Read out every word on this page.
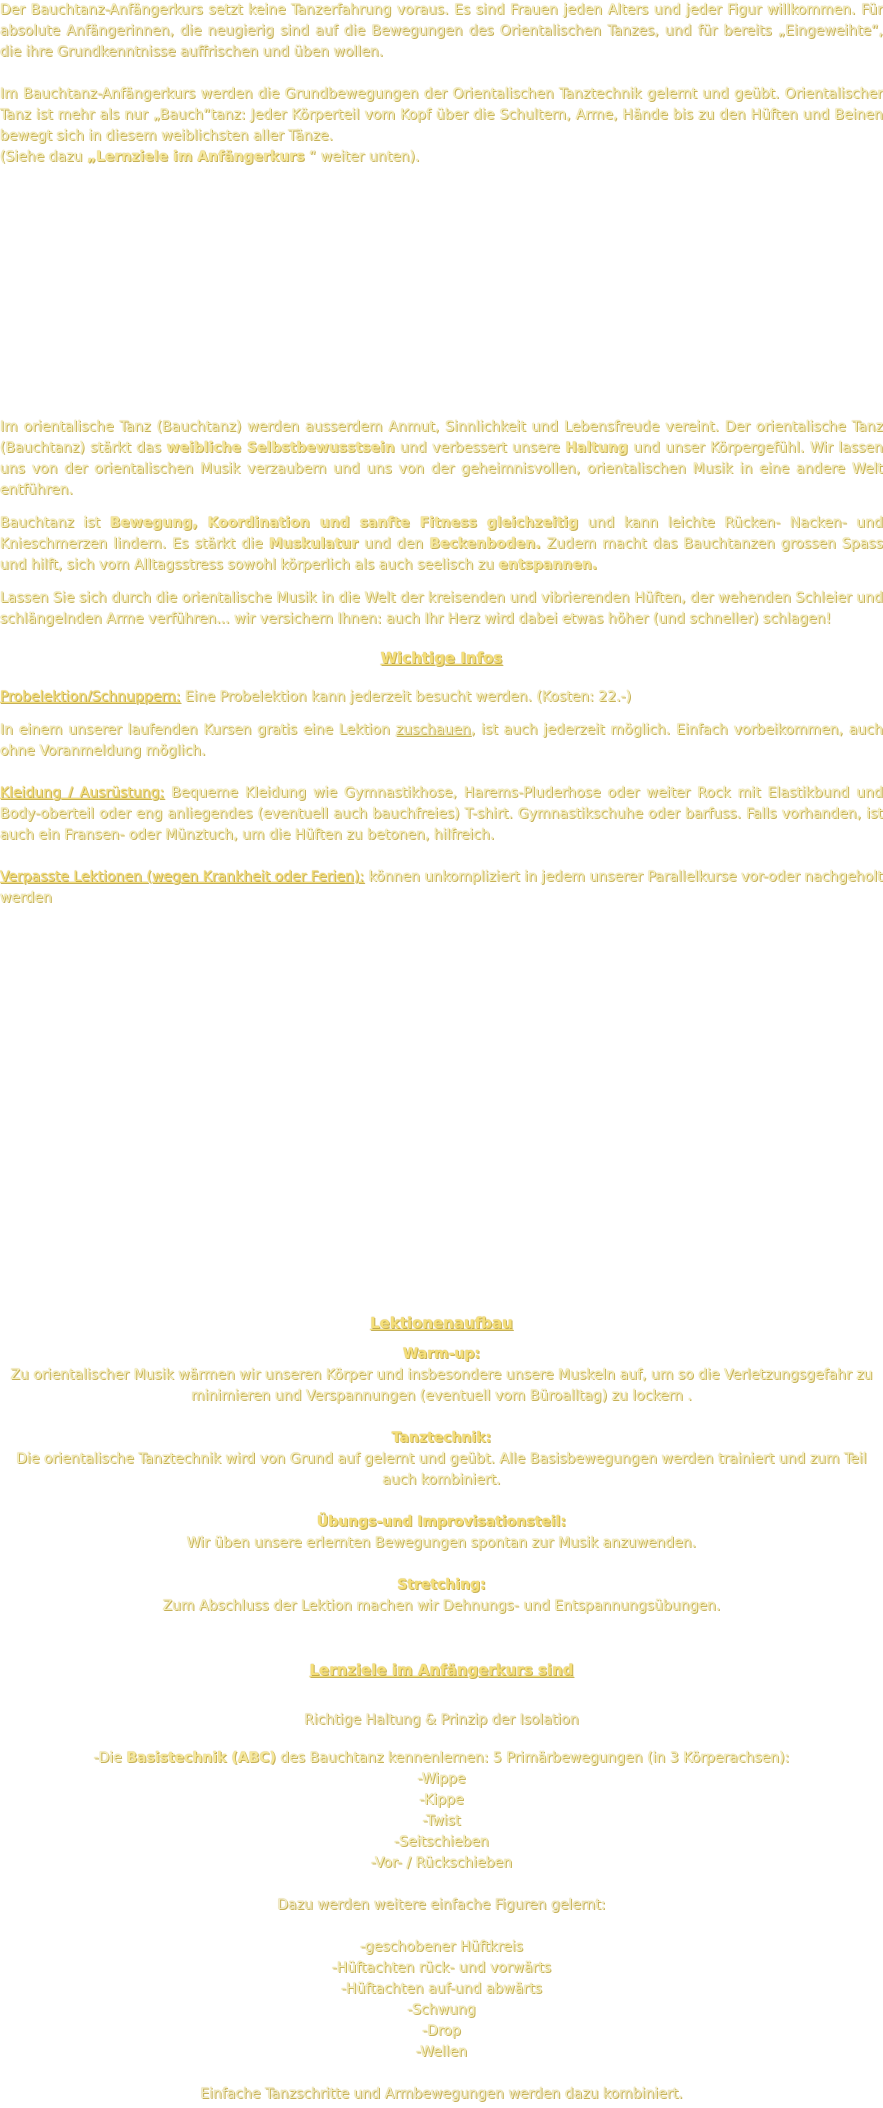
Der Bauchtanz-Anfängerkurs setzt keine Tanzerfahrung voraus. Es sind Frauen jeden Alters und jeder Figur willkommen. Für absolute Anfängerinnen, die neugierig sind auf die Bewegungen des Orientalischen Tanzes, und für bereits „Eingeweihte“, die ihre Grundkenntnisse auffrischen und üben wollen.

Im Bauchtanz-Anfängerkurs werden die Grundbewegungen der Orientalischen Tanztechnik gelernt und geübt. Orientalischer Tanz ist mehr als nur „Bauch“tanz: Jeder Körperteil vom Kopf über die Schultern, Arme, Hände bis zu den Hüften und Beinen bewegt sich in diesem weiblichsten aller Tänze.

(Siehe dazu „Lernziele im Anfängerkurs “ weiter unten).

Im orientalische Tanz (Bauchtanz) werden ausserdem Anmut, Sinnlichkeit und Lebensfreude vereint. Der orientalische Tanz (Bauchtanz) stärkt das weibliche Selbstbewusstsein und verbessert unsere Haltung und unser Körpergefühl. Wir lassen uns von der orientalischen Musik verzaubern und uns von der geheimnisvollen, orientalischen Musik in eine andere Welt entführen.

Bauchtanz ist Bewegung, Koordination und sanfte Fitness gleichzeitig und kann leichte Rücken- Nacken- und Knieschmerzen lindern. Es stärkt die Muskulatur und den Beckenboden. Zudem macht das Bauchtanzen grossen Spass und hilft, sich vom Alltagsstress sowohl körperlich als auch seelisch zu entspannen.

Lassen Sie sich durch die orientalische Musik in die Welt der kreisenden und vibrierenden Hüften, der wehenden Schleier und schlängelnden Arme verführen... wir versichern Ihnen: auch Ihr Herz wird dabei etwas höher (und schneller) schlagen!

Wichtige Infos

Probelektion/Schnuppern: Eine Probelektion kann jederzeit besucht werden. (Kosten: 22.-)

In einem unserer laufenden Kursen gratis eine Lektion zuschauen, ist auch jederzeit möglich. Einfach vorbeikommen, auch ohne Voranmeldung möglich.

Kleidung / Ausrüstung: Bequeme Kleidung wie Gymnastikhose, Harems-Pluderhose oder weiter Rock mit Elastikbund und Body-oberteil oder eng anliegendes (eventuell auch bauchfreies) T-shirt. Gymnastikschuhe oder barfuss. Falls vorhanden, ist auch ein Fransen- oder Münztuch, um die Hüften zu betonen, hilfreich.

Verpasste Lektionen (wegen Krankheit oder Ferien): können unkompliziert in jedem unserer Parallelkurse vor-oder nachgeholt werden

Lektionenaufbau

Warm-up:

Zu orientalischer Musik wärmen wir unseren Körper und insbesondere unsere Muskeln auf, um so die Verletzungsgefahr zu minimieren und Verspannungen (eventuell vom Büroalltag) zu lockern .

Tanztechnik:

Die orientalische Tanztechnik wird von Grund auf gelernt und geübt. Alle Basisbewegungen werden trainiert und zum Teil auch kombiniert.

Übungs-und Improvisationsteil:

Wir üben unsere erlernten Bewegungen spontan zur Musik anzuwenden.

Stretching:

Zum Abschluss der Lektion machen wir Dehnungs- und Entspannungsübungen.

Lernziele im Anfängerkurs sind

Richtige Haltung & Prinzip der Isolation

-Die Basistechnik (ABC) des Bauchtanz kennenlernen: 5 Primärbewegungen (in 3 Körperachsen):

-Wippe

-Kippe

-Twist

-Seitschieben

-Vor- / Rückschieben

Dazu werden weitere einfache Figuren gelernt:

-geschobener Hüftkreis

-Hüftachten rück- und vorwärts

-Hüftachten auf-und abwärts

-Schwung

-Drop

-Wellen

Einfache Tanzschritte und Armbewegungen werden dazu kombiniert.
